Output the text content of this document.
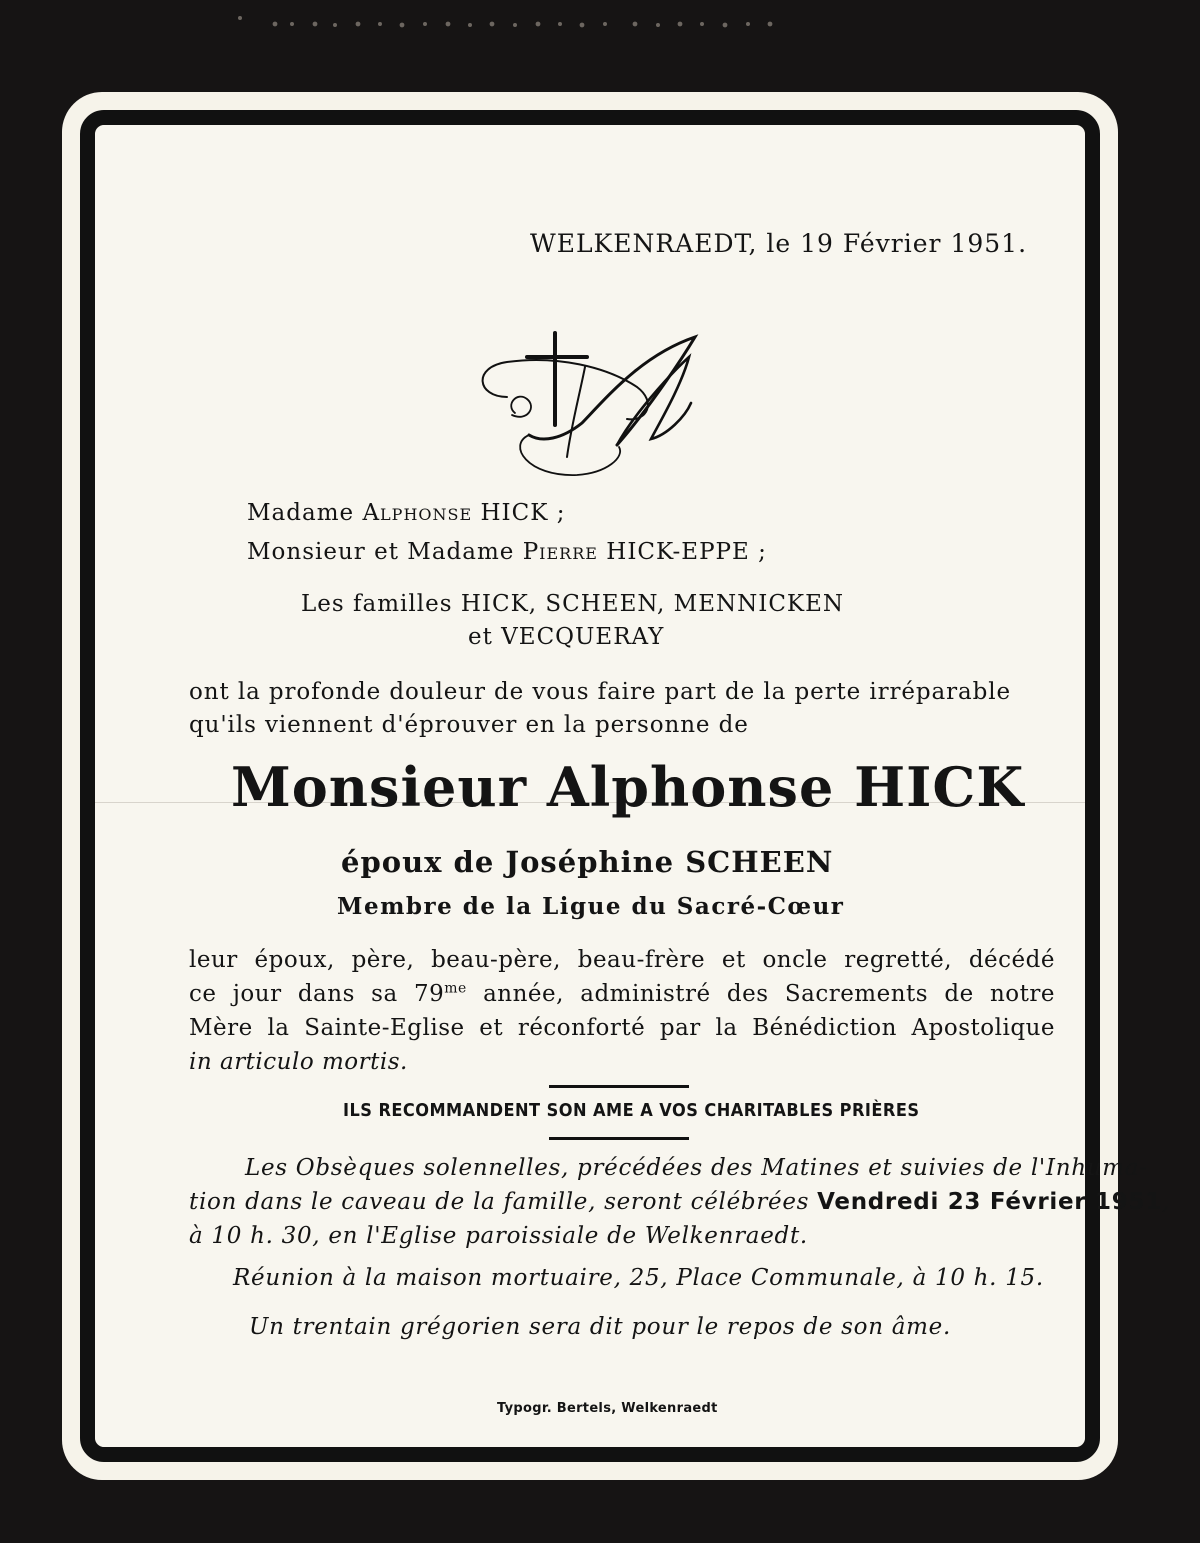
WELKENRAEDT, le 19 Février 1951.
Madame Alphonse HICK ;
Monsieur et Madame Pierre HICK-EPPE ;
Les familles HICK, SCHEEN, MENNICKEN
et VECQUERAY
ont la profonde douleur de vous faire part de la perte irréparable
qu'ils viennent d'éprouver en la personne de
Monsieur Alphonse HICK
époux de Joséphine SCHEEN
Membre de la Ligue du Sacré-Cœur
leur époux, père, beau-père, beau-frère et oncle regretté, décédé
ce jour dans sa $79^{me}$ année, administré des Sacrements de notre
Mère la Sainte-Eglise et réconforté par la Bénédiction Apostolique
in articulo mortis.
ILS RECOMMANDENT SON AME A VOS CHARITABLES PRIÈRES
Les Obsèques solennelles, précédées des Matines et suivies de l'Inhuma-
tion dans le caveau de la famille, seront célébrées Vendredi 23 Février 1951,
à 10 h. 30, en l'Eglise paroissiale de Welkenraedt.
Réunion à la maison mortuaire, 25, Place Communale, à 10 h. 15.
Un trentain grégorien sera dit pour le repos de son âme.
Typogr. Bertels, Welkenraedt
